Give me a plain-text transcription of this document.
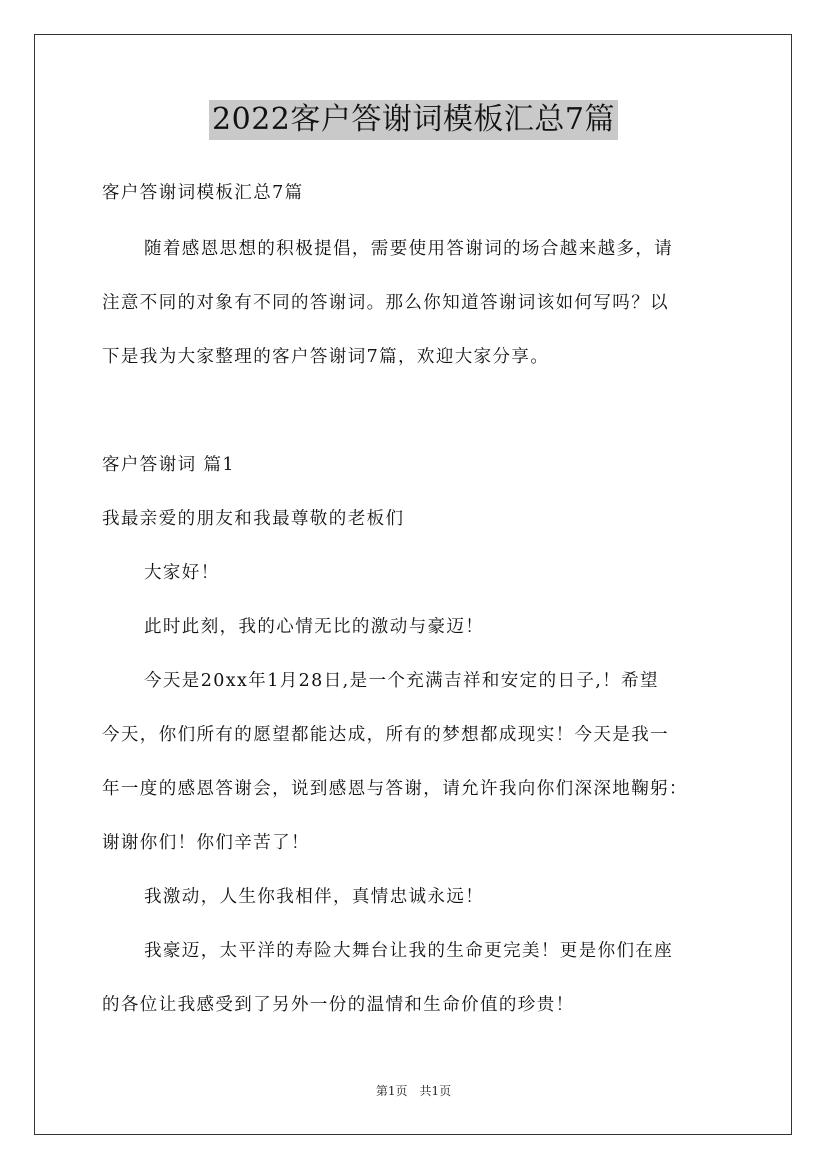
2022客户答谢词模板汇总7篇
客户答谢词模板汇总7篇
随着感恩思想的积极提倡，需要使用答谢词的场合越来越多，请
注意不同的对象有不同的答谢词。那么你知道答谢词该如何写吗？以
下是我为大家整理的客户答谢词7篇，欢迎大家分享。
客户答谢词 篇1
我最亲爱的朋友和我最尊敬的老板们
大家好！
此时此刻，我的心情无比的激动与豪迈！
今天是20xx年1月28日,是一个充满吉祥和安定的日子,！希望
今天，你们所有的愿望都能达成，所有的梦想都成现实！今天是我一
年一度的感恩答谢会，说到感恩与答谢，请允许我向你们深深地鞠躬：
谢谢你们！你们辛苦了！
我激动，人生你我相伴，真情忠诚永远！
我豪迈，太平洋的寿险大舞台让我的生命更完美！更是你们在座
的各位让我感受到了另外一份的温情和生命价值的珍贵！
第1页　共1页
